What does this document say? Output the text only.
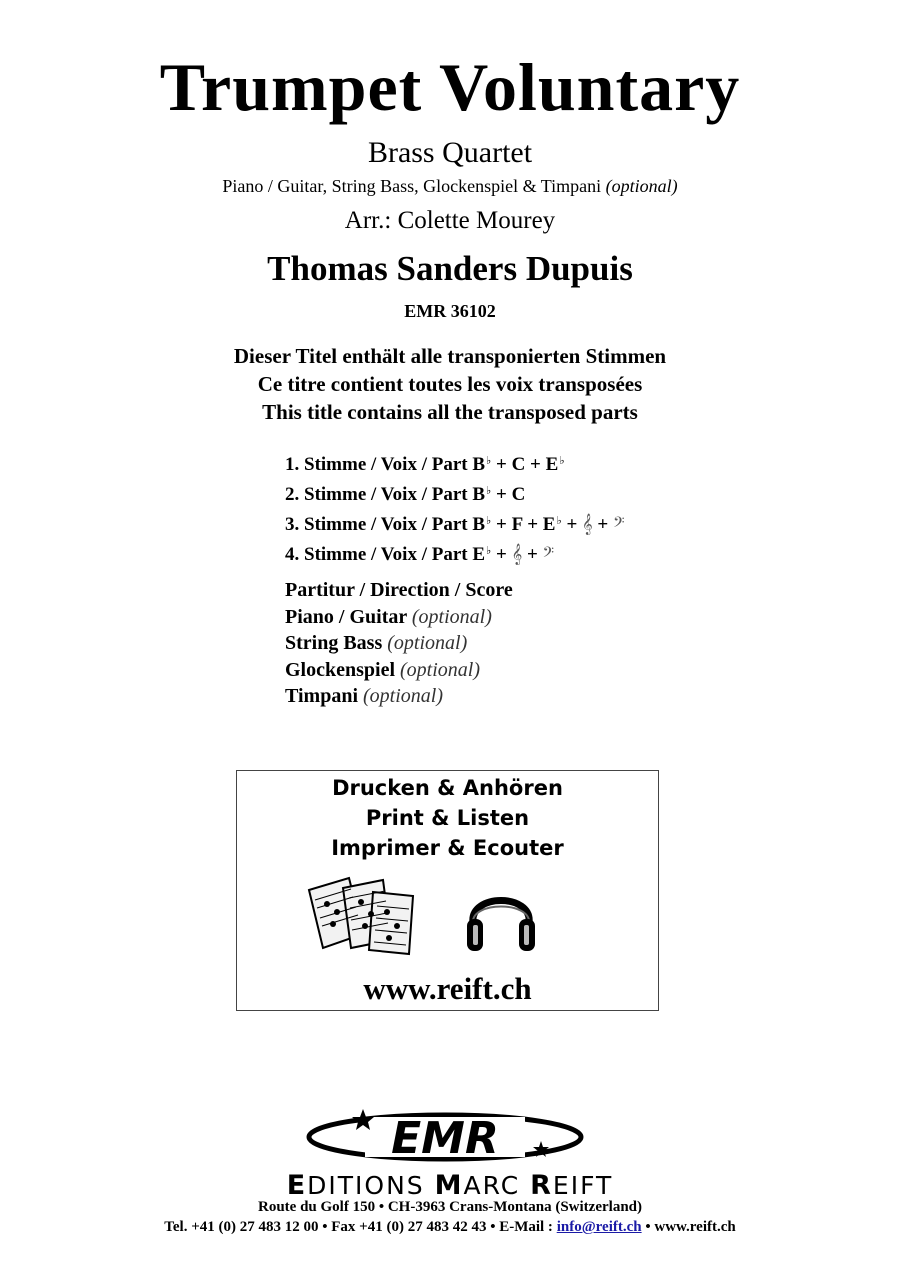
Trumpet Voluntary
Brass Quartet
Piano / Guitar, String Bass, Glockenspiel & Timpani (optional)
Arr.: Colette Mourey
Thomas Sanders Dupuis
EMR 36102
Dieser Titel enthält alle transponierten Stimmen
Ce titre contient toutes les voix transposées
This title contains all the transposed parts
1. Stimme / Voix / Part B♭ + C + E♭
2. Stimme / Voix / Part B♭ + C
3. Stimme / Voix / Part B♭ + F + E♭ + 𝄞 + 𝄢
4. Stimme / Voix / Part E♭ + 𝄞 + 𝄢
Partitur / Direction / Score
Piano / Guitar (optional)
String Bass (optional)
Glockenspiel (optional)
Timpani (optional)
Drucken & Anhören
Print & Listen
Imprimer & Ecouter
www.reift.ch
EMR
EDITIONS MARC REIFT
Route du Golf 150 • CH-3963 Crans-Montana (Switzerland)
Tel. +41 (0) 27 483 12 00 • Fax +41 (0) 27 483 42 43 • E-Mail : info@reift.ch • www.reift.ch
